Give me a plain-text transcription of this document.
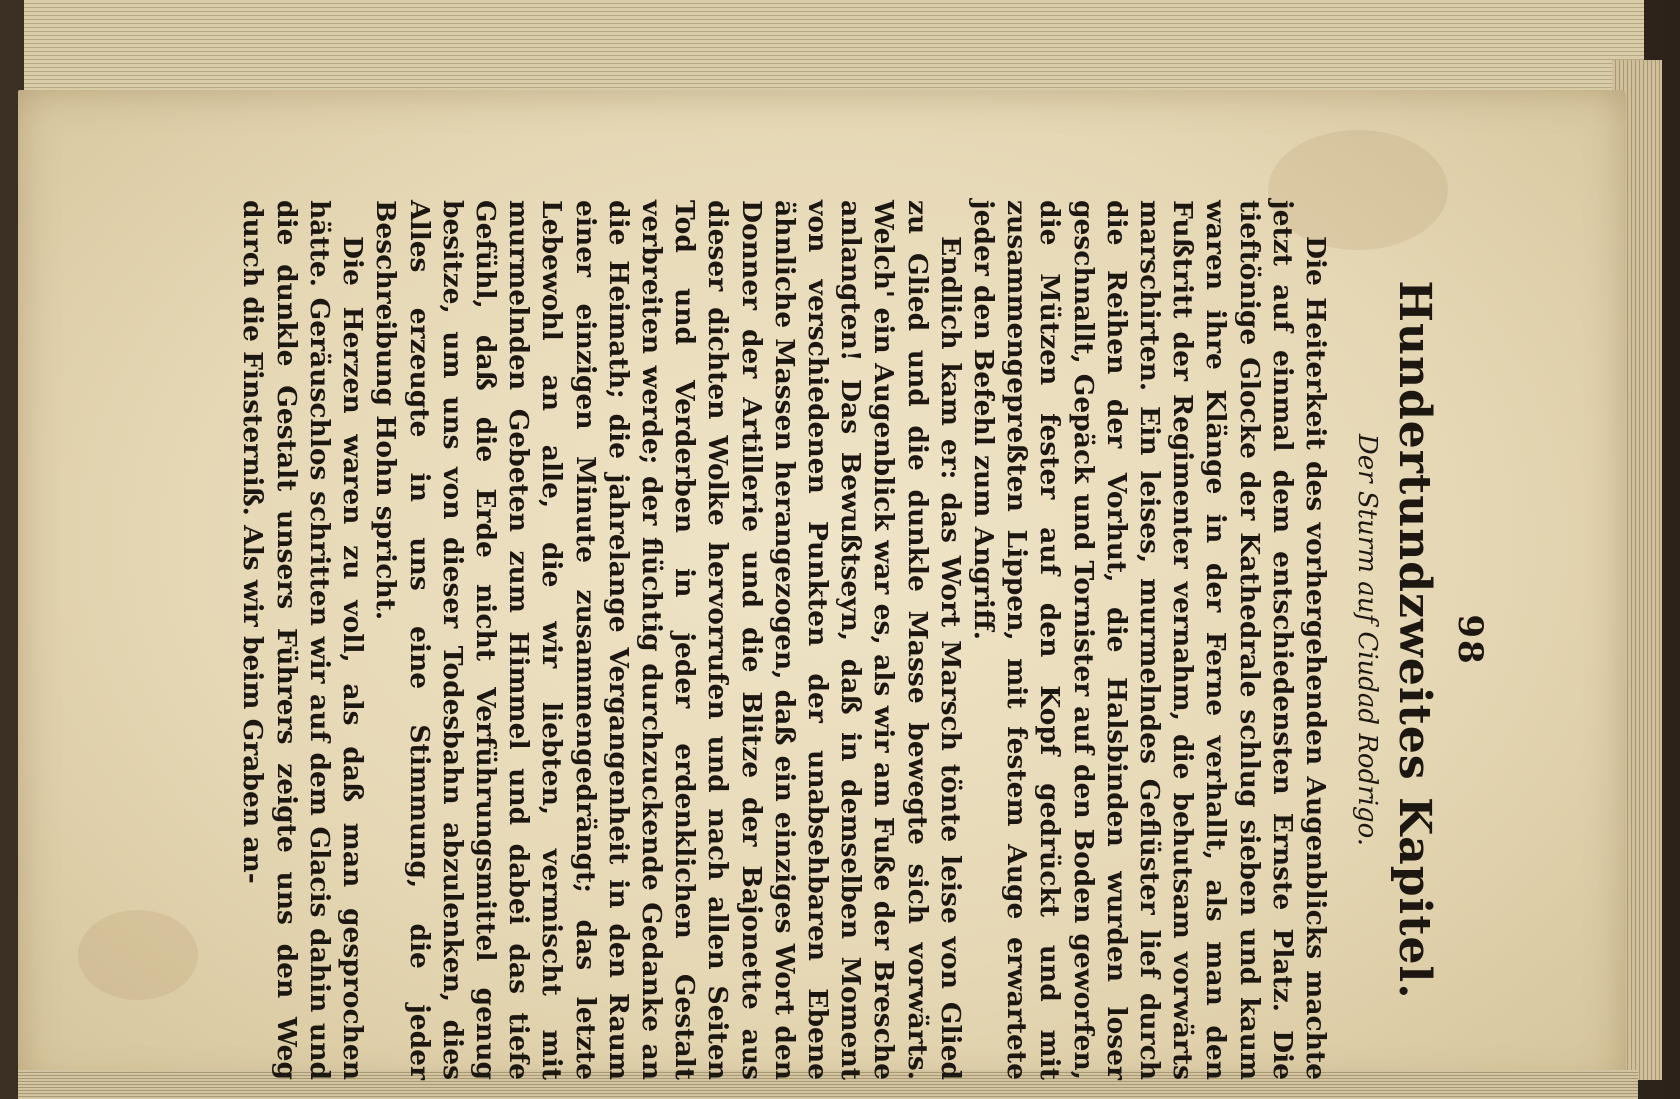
98
Hundertundzweites Kapitel.
Der Sturm auf Ciudad Rodrigo.

Die Heiterkeit des vorhergehenden Augenblicks machte jetzt auf einmal dem entschiedensten Ernste Platz. Die tieftönige Glocke der Kathedrale schlug sieben und kaum waren ihre Klänge in der Ferne verhallt, als man den Fußtritt der Regimenter vernahm, die behutsam vorwärts marschirten. Ein leises, murmelndes Geflüster lief durch die Reihen der Vorhut, die Halsbinden wurden loser geschnallt, Gepäck und Tornister auf den Boden geworfen, die Mützen fester auf den Kopf gedrückt und mit zusammengepreßten Lippen, mit festem Auge erwartete jeder den Befehl zum Angriff.

Endlich kam er: das Wort Marsch tönte leise von Glied zu Glied und die dunkle Masse bewegte sich vorwärts. Welch' ein Augenblick war es, als wir am Fuße der Bresche anlangten! Das Bewußtseyn, daß in demselben Moment von verschiedenen Punkten der unabsehbaren Ebene ähnliche Massen herangezogen, daß ein einziges Wort den Donner der Artillerie und die Blitze der Bajonette aus dieser dichten Wolke hervorrufen und nach allen Seiten Tod und Verderben in jeder erdenklichen Gestalt verbreiten werde; der flüchtig durchzuckende Gedanke an die Heimath; die jahrelange Vergangenheit in den Raum einer einzigen Minute zusammengedrängt; das letzte Lebewohl an alle, die wir liebten, vermischt mit murmelnden Gebeten zum Himmel und dabei das tiefe Gefühl, daß die Erde nicht Verführungsmittel genug besitze, um uns von dieser Todesbahn abzulenken, dies Alles erzeugte in uns eine Stimmung, die jeder Beschreibung Hohn spricht.

Die Herzen waren zu voll, als daß man gesprochen hätte. Geräuschlos schritten wir auf dem Glacis dahin und die dunkle Gestalt unsers Führers zeigte uns den Weg durch die Finsterniß. Als wir beim Graben an-
